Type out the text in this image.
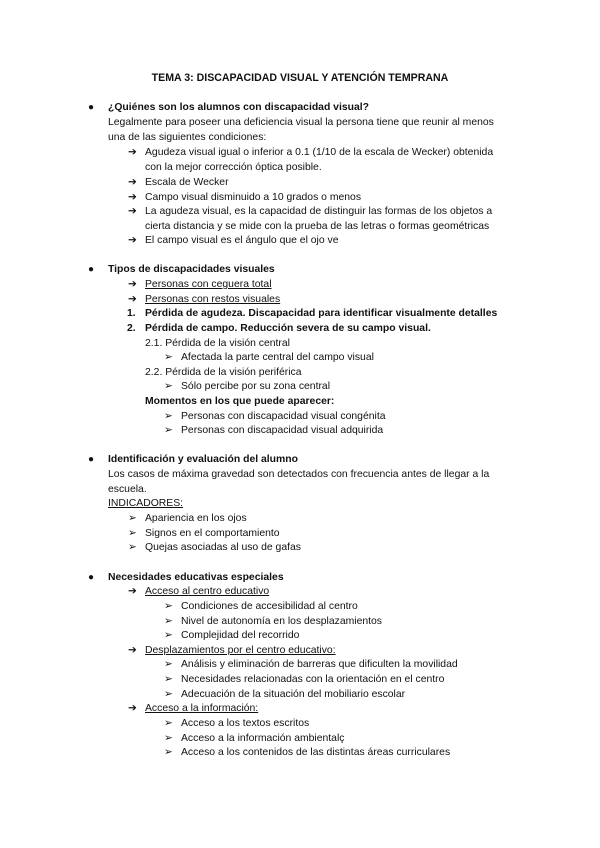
TEMA 3: DISCAPACIDAD VISUAL Y ATENCIÓN TEMPRANA
● ¿Quiénes son los alumnos con discapacidad visual?
Legalmente para poseer una deficiencia visual la persona tiene que reunir al menos
una de las siguientes condiciones:
➔ Agudeza visual igual o inferior a 0.1 (1/10 de la escala de Wecker) obtenida
con la mejor corrección óptica posible.
➔ Escala de Wecker
➔ Campo visual disminuido a 10 grados o menos
➔ La agudeza visual, es la capacidad de distinguir las formas de los objetos a
cierta distancia y se mide con la prueba de las letras o formas geométricas
➔ El campo visual es el ángulo que el ojo ve
● Tipos de discapacidades visuales
➔ Personas con ceguera total
➔ Personas con restos visuales
1. Pérdida de agudeza. Discapacidad para identificar visualmente detalles
2. Pérdida de campo. Reducción severa de su campo visual.
2.1. Pérdida de la visión central
➢ Afectada la parte central del campo visual
2.2. Pérdida de la visión periférica
➢ Sólo percibe por su zona central
Momentos en los que puede aparecer:
➢ Personas con discapacidad visual congénita
➢ Personas con discapacidad visual adquirida
● Identificación y evaluación del alumno
Los casos de máxima gravedad son detectados con frecuencia antes de llegar a la
escuela.
INDICADORES:
➢ Apariencia en los ojos
➢ Signos en el comportamiento
➢ Quejas asociadas al uso de gafas
● Necesidades educativas especiales
➔ Acceso al centro educativo
➢ Condiciones de accesibilidad al centro
➢ Nivel de autonomía en los desplazamientos
➢ Complejidad del recorrido
➔ Desplazamientos por el centro educativo:
➢ Análisis y eliminación de barreras que dificulten la movilidad
➢ Necesidades relacionadas con la orientación en el centro
➢ Adecuación de la situación del mobiliario escolar
➔ Acceso a la información:
➢ Acceso a los textos escritos
➢ Acceso a la información ambientalç
➢ Acceso a los contenidos de las distintas áreas curriculares
